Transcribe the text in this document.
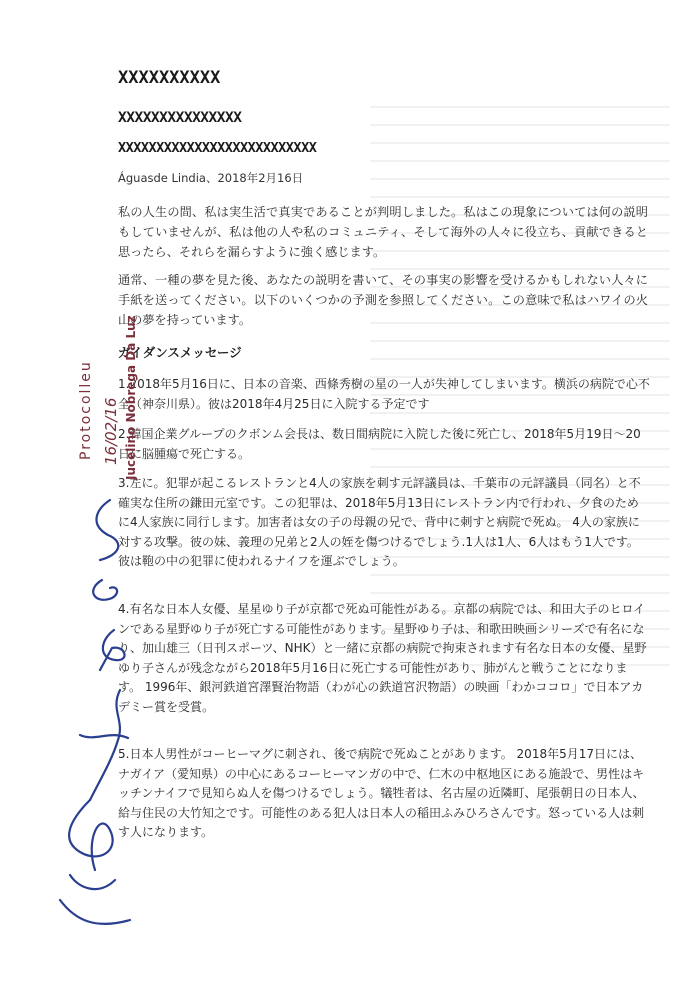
XXXXXXXXXX
XXXXXXXXXXXXXXX
XXXXXXXXXXXXXXXXXXXXXXXXXX
Águasde Lindia、2018年2月16日
私の人生の間、私は実生活で真実であることが判明しました。私はこの現象については何の説明もしていませんが、私は他の人や私のコミュニティ、そして海外の人々に役立ち、貢献できると思ったら、それらを漏らすように強く感じます。
通常、一種の夢を見た後、あなたの説明を書いて、その事実の影響を受けるかもしれない人々に手紙を送ってください。以下のいくつかの予測を参照してください。この意味で私はハワイの火山の夢を持っています。
ガイダンスメッセージ
1.2018年5月16日に、日本の音楽、西條秀樹の星の一人が失神してしまいます。横浜の病院で心不全（神奈川県）。彼は2018年4月25日に入院する予定です
2.韓国企業グループのクボンム会長は、数日間病院に入院した後に死亡し、2018年5月19日〜20日に脳腫瘍で死亡する。
3.左に。犯罪が起こるレストランと4人の家族を刺す元評議員は、千葉市の元評議員（同名）と不確実な住所の鎌田元室です。この犯罪は、2018年5月13日にレストラン内で行われ、夕食のために4人家族に同行します。加害者は女の子の母親の兄で、背中に刺すと病院で死ぬ。 4人の家族に対する攻撃。彼の妹、義理の兄弟と2人の姪を傷つけるでしょう.1人は1人、6人はもう1人です。彼は鞄の中の犯罪に使われるナイフを運ぶでしょう。
4.有名な日本人女優、星星ゆり子が京都で死ぬ可能性がある。京都の病院では、和田大子のヒロインである星野ゆり子が死亡する可能性があります。星野ゆり子は、和歌田映画シリーズで有名になり、加山雄三（日刊スポーツ、NHK）と一緒に京都の病院で拘束されます有名な日本の女優、星野ゆり子さんが残念ながら2018年5月16日に死亡する可能性があり、肺がんと戦うことになります。 1996年、銀河鉄道宮澤賢治物語（わが心の鉄道宮沢物語）の映画「わかココロ」で日本アカデミー賞を受賞。
5.日本人男性がコーヒーマグに刺され、後で病院で死ぬことがあります。 2018年5月17日には、ナガイア（愛知県）の中心にあるコーヒーマンガの中で、仁木の中枢地区にある施設で、男性はキッチンナイフで見知らぬ人を傷つけるでしょう。犠牲者は、名古屋の近隣町、尾張朝日の日本人、給与住民の大竹知之です。可能性のある犯人は日本人の稲田ふみひろさんです。怒っている人は刺す人になります。
Protocolleu 16/02/16 Jucelino Nobrega Da Luz
